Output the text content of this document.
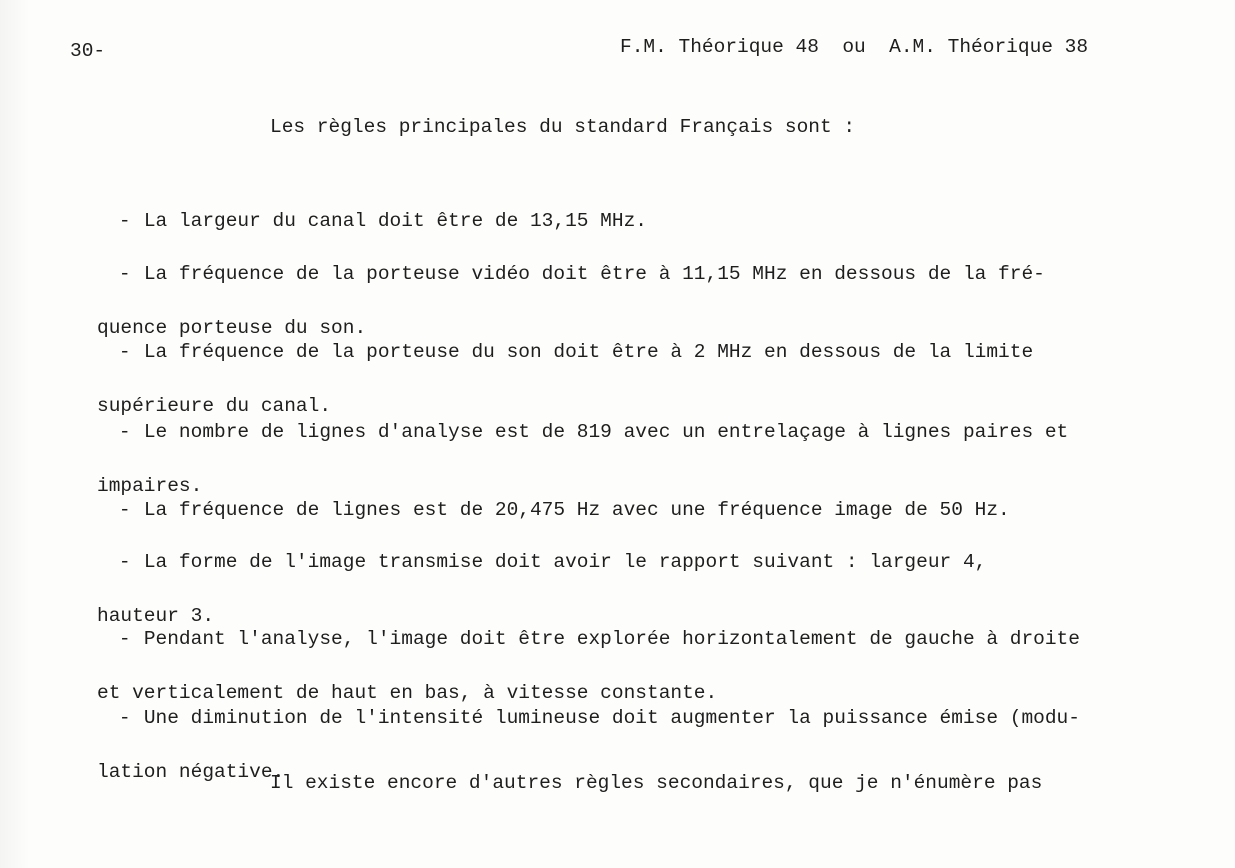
30-	F.M. Théorique 48  ou  A.M. Théorique 38
Les règles principales du standard Français sont :

- La largeur du canal doit être de 13,15 MHz.

- La fréquence de la porteuse vidéo doit être à 11,15 MHz en dessous de la fré-

quence porteuse du son.

- La fréquence de la porteuse du son doit être à 2 MHz en dessous de la limite

supérieure du canal.

- Le nombre de lignes d'analyse est de 819 avec un entrelaçage à lignes paires et

impaires.

- La fréquence de lignes est de 20,475 Hz avec une fréquence image de 50 Hz.

- La forme de l'image transmise doit avoir le rapport suivant : largeur 4,

hauteur 3.

- Pendant l'analyse, l'image doit être explorée horizontalement de gauche à droite

et verticalement de haut en bas, à vitesse constante.

- Une diminution de l'intensité lumineuse doit augmenter la puissance émise (modu-

lation négative.

Il existe encore d'autres règles secondaires, que je n'énumère pas
